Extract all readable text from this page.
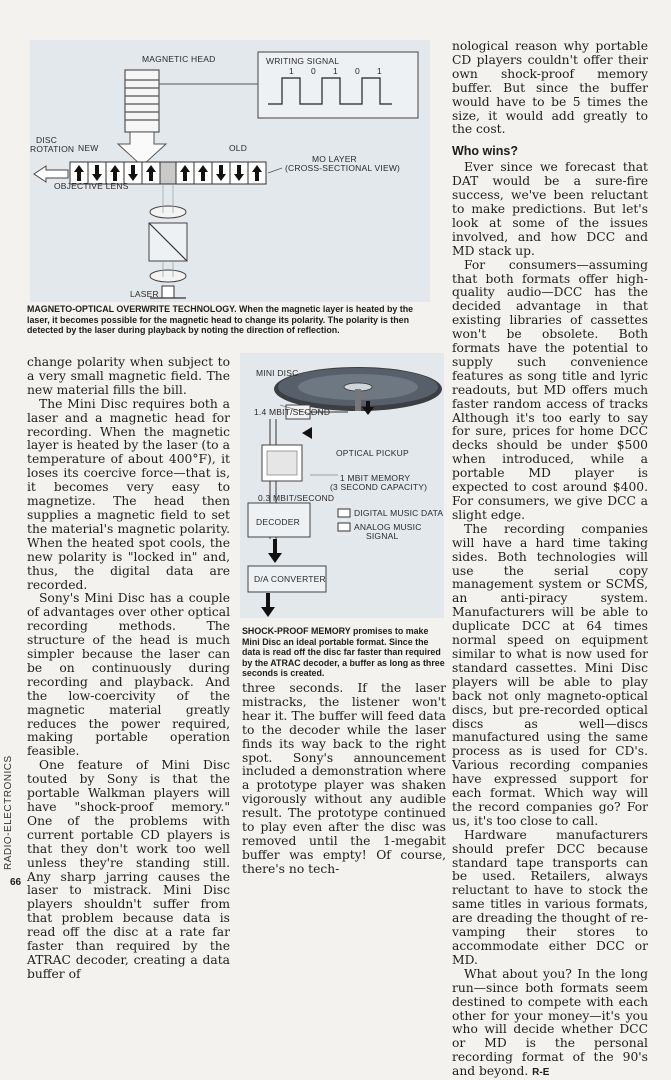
MAGNETIC HEAD	WRITING SIGNAL
1 0 1 0 1
DISC
ROTATION NEW	OLD
MO LAYER
(CROSS-SECTIONAL VIEW)
OBJECTIVE LENS
LASER
MAGNETO-OPTICAL OVERWRITE TECHNOLOGY. When the magnetic layer is heated by the laser, it becomes possible for the magnetic head to change its polarity. The polarity is then detected by the laser during playback by noting the direction of reflection.

change polarity when subject to a very small magnetic field. The new material fills the bill.

The Mini Disc requires both a laser and a magnetic head for recording. When the magnetic layer is heated by the laser (to a temperature of about 400°F), it loses its coercive force—that is, it becomes very easy to magnetize. The head then supplies a magnetic field to set the material's magnetic polarity. When the heated spot cools, the new polarity is "locked in" and, thus, the digital data are recorded.

Sony's Mini Disc has a couple of advantages over other optical recording methods. The structure of the head is much simpler because the laser can be on continuously during recording and playback. And the low-coercivity of the magnetic material greatly reduces the power required, making portable operation feasible.

One feature of Mini Disc touted by Sony is that the portable Walkman players will have "shock-proof memory." One of the problems with current portable CD players is that they don't work too well unless they're standing still. Any sharp jarring causes the laser to mistrack. Mini Disc players shouldn't suffer from that problem because data is read off the disc at a rate far faster than required by the ATRAC decoder, creating a data buffer of

MINI DISC
1.4 MBIT/SECOND
OPTICAL PICKUP
1 MBIT MEMORY
(3 SECOND CAPACITY)
0.3 MBIT/SECOND
DECODER
DIGITAL MUSIC DATA
ANALOG MUSIC
SIGNAL
D/A CONVERTER
SHOCK-PROOF MEMORY promises to make Mini Disc an ideal portable format. Since the data is read off the disc far faster than required by the ATRAC decoder, a buffer as long as three seconds is created.

three seconds. If the laser mistracks, the listener won't hear it. The buffer will feed data to the decoder while the laser finds its way back to the right spot. Sony's announcement included a demonstration where a prototype player was shaken vigorously without any audible result. The prototype continued to play even after the disc was removed until the 1-megabit buffer was empty! Of course, there's no tech-

nological reason why portable CD players couldn't offer their own shock-proof memory buffer. But since the buffer would have to be 5 times the size, it would add greatly to the cost.

Who wins?

Ever since we forecast that DAT would be a sure-fire success, we've been reluctant to make predictions. But let's look at some of the issues involved, and how DCC and MD stack up.

For consumers—assuming that both formats offer high-quality audio—DCC has the decided advantage in that existing libraries of cassettes won't be obsolete. Both formats have the potential to supply such convenience features as song title and lyric readouts, but MD offers much faster random access of tracks Although it's too early to say for sure, prices for home DCC decks should be under $500 when introduced, while a portable MD player is expected to cost around $400. For consumers, we give DCC a slight edge.

The recording companies will have a hard time taking sides. Both technologies will use the serial copy management system or SCMS, an anti-piracy system. Manufacturers will be able to duplicate DCC at 64 times normal speed on equipment similar to what is now used for standard cassettes. Mini Disc players will be able to play back not only magneto-optical discs, but pre-recorded optical discs as well—discs manufactured using the same process as is used for CD's. Various recording companies have expressed support for each format. Which way will the record companies go? For us, it's too close to call.

Hardware manufacturers should prefer DCC because standard tape transports can be used. Retailers, always reluctant to have to stock the same titles in various formats, are dreading the thought of re-vamping their stores to accommodate either DCC or MD.

What about you? In the long run—since both formats seem destined to compete with each other for your money—it's you who will decide whether DCC or MD is the personal recording format of the 90's and beyond. R-E

RADIO-ELECTRONICS
66
